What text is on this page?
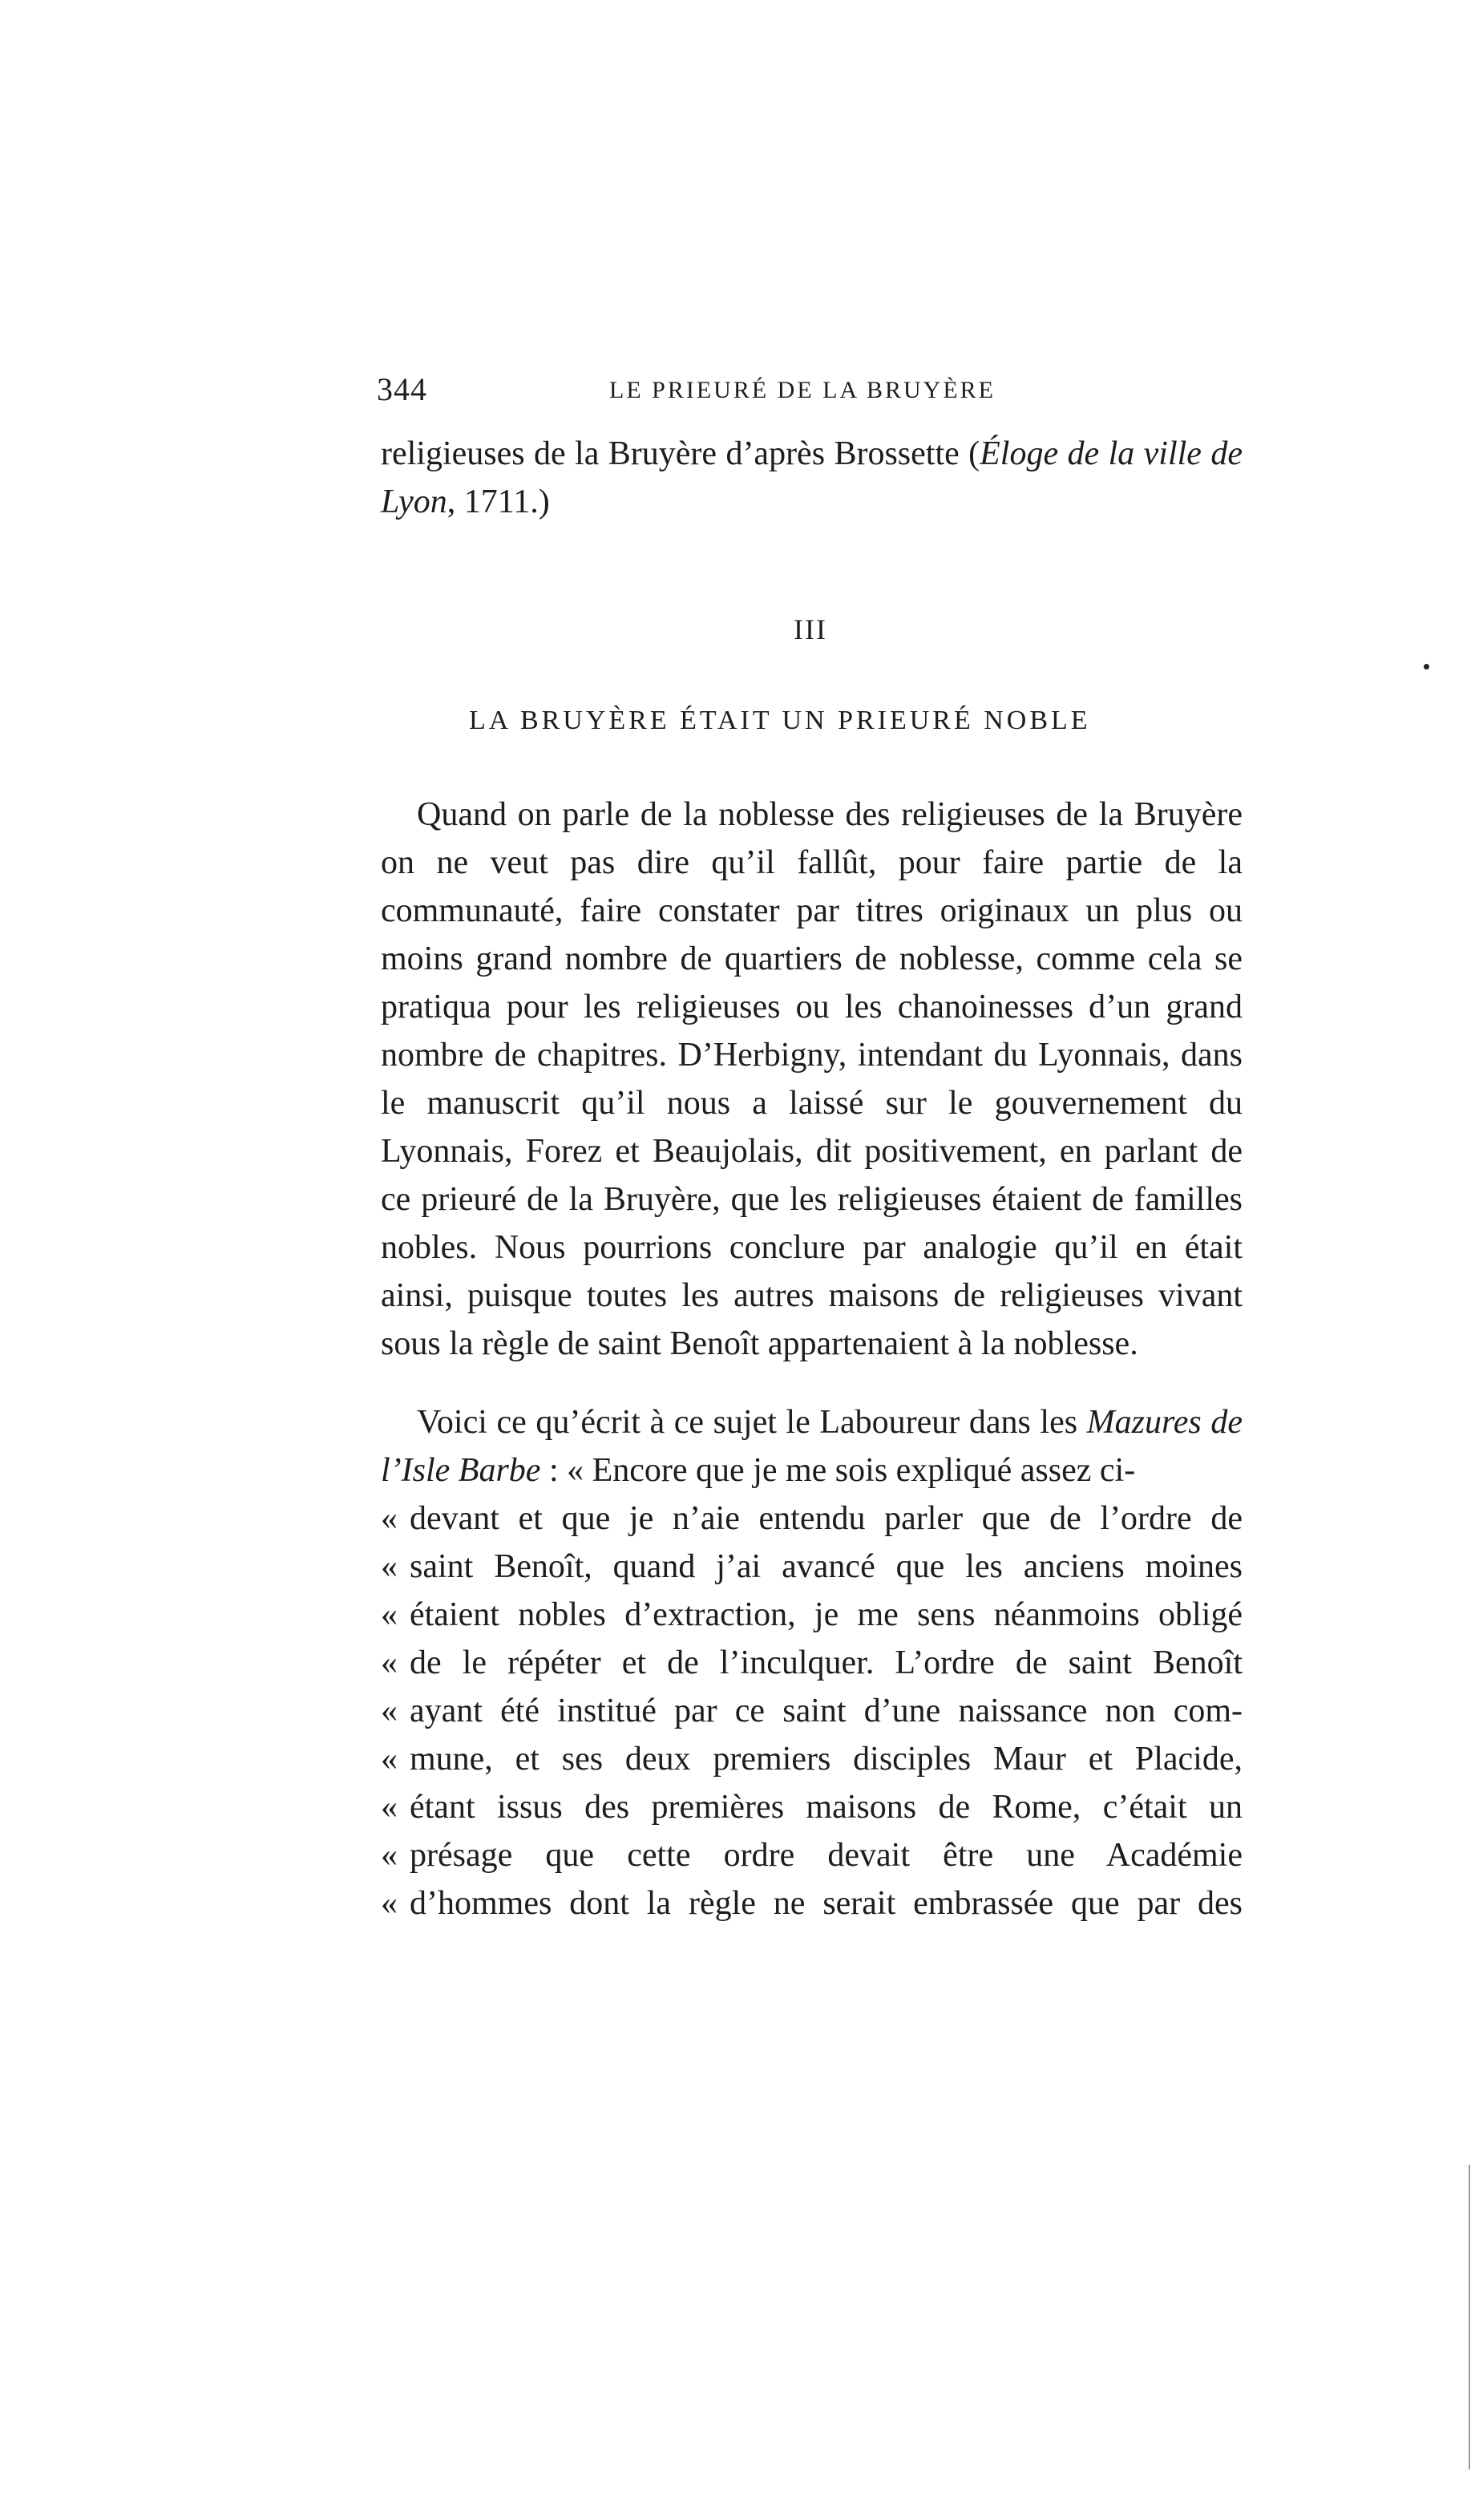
344	LE PRIEURÉ DE LA BRUYÈRE
religieuses de la Bruyère d’après Brossette (Éloge de la ville de Lyon, 1711.)
III
LA BRUYÈRE ÉTAIT UN PRIEURÉ NOBLE
Quand on parle de la noblesse des religieuses de la Bruyère on ne veut pas dire qu’il fallût, pour faire partie de la communauté, faire constater par titres originaux un plus ou moins grand nombre de quartiers de noblesse, comme cela se pratiqua pour les religieuses ou les chanoinesses d’un grand nombre de chapitres. D’Herbigny, intendant du Lyonnais, dans le manuscrit qu’il nous a laissé sur le gouvernement du Lyonnais, Forez et Beaujolais, dit positivement, en parlant de ce prieuré de la Bruyère, que les religieuses étaient de familles nobles. Nous pourrions conclure par analogie qu’il en était ainsi, puisque toutes les autres maisons de religieuses vivant sous la règle de saint Benoît appartenaient à la noblesse.
Voici ce qu’écrit à ce sujet le Laboureur dans les Mazures de l’Isle Barbe : « Encore que je me sois expliqué assez ci-
« devant et que je n’aie entendu parler que de l’ordre de
« saint Benoît, quand j’ai avancé que les anciens moines
« étaient nobles d’extraction, je me sens néanmoins obligé
« de le répéter et de l’inculquer. L’ordre de saint Benoît
« ayant été institué par ce saint d’une naissance non com-
« mune, et ses deux premiers disciples Maur et Placide,
« étant issus des premières maisons de Rome, c’était un
« présage que cette ordre devait être une Académie
« d’hommes dont la règle ne serait embrassée que par des
